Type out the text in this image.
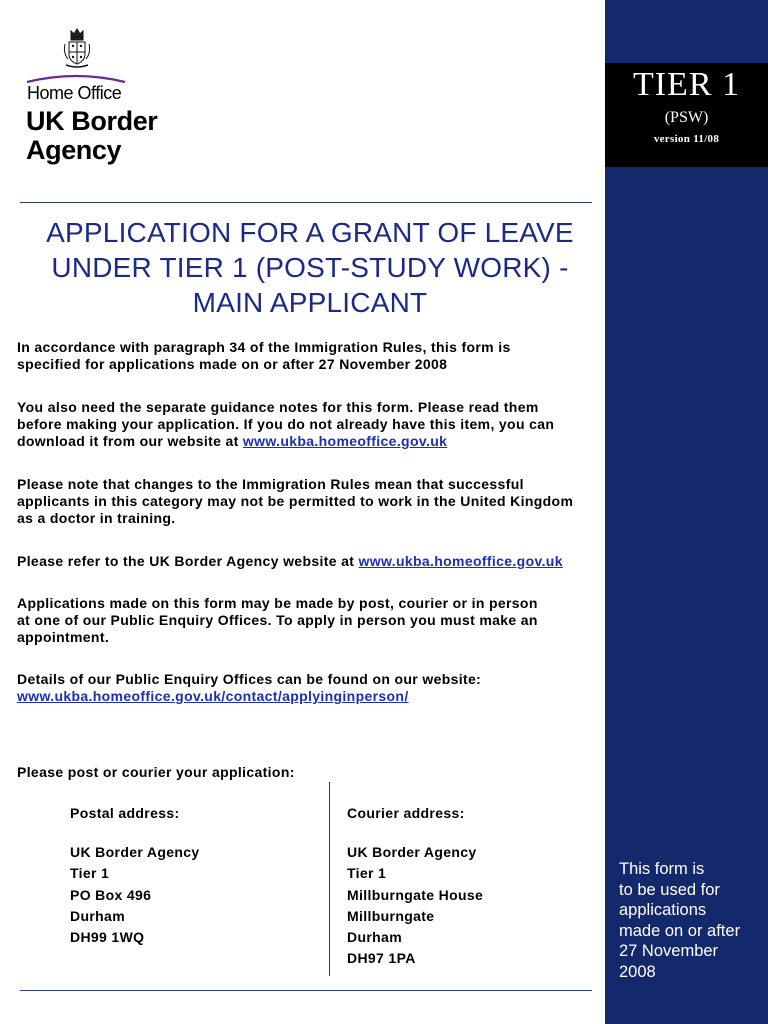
TIER 1
(PSW)
version 11/08
This form is
to be used for
applications
made on or after
27 November
2008
Home Office
UK Border
Agency
APPLICATION FOR A GRANT OF LEAVE
UNDER TIER 1 (POST-STUDY WORK) -
MAIN APPLICANT
In accordance with paragraph 34 of the Immigration Rules, this form is
specified for applications made on or after 27 November 2008
You also need the separate guidance notes for this form. Please read them
before making your application. If you do not already have this item, you can
download it from our website at www.ukba.homeoffice.gov.uk
Please note that changes to the Immigration Rules mean that successful
applicants in this category may not be permitted to work in the United Kingdom
as a doctor in training.
Please refer to the UK Border Agency website at www.ukba.homeoffice.gov.uk
Applications made on this form may be made by post, courier or in person
at one of our Public Enquiry Offices. To apply in person you must make an
appointment.
Details of our Public Enquiry Offices can be found on our website:
www.ukba.homeoffice.gov.uk/contact/applyinginperson/
Please post or courier your application:
Postal address:
UK Border Agency
Tier 1
PO Box 496
Durham
DH99 1WQ
Courier address:
UK Border Agency
Tier 1
Millburngate House
Millburngate
Durham
DH97 1PA
